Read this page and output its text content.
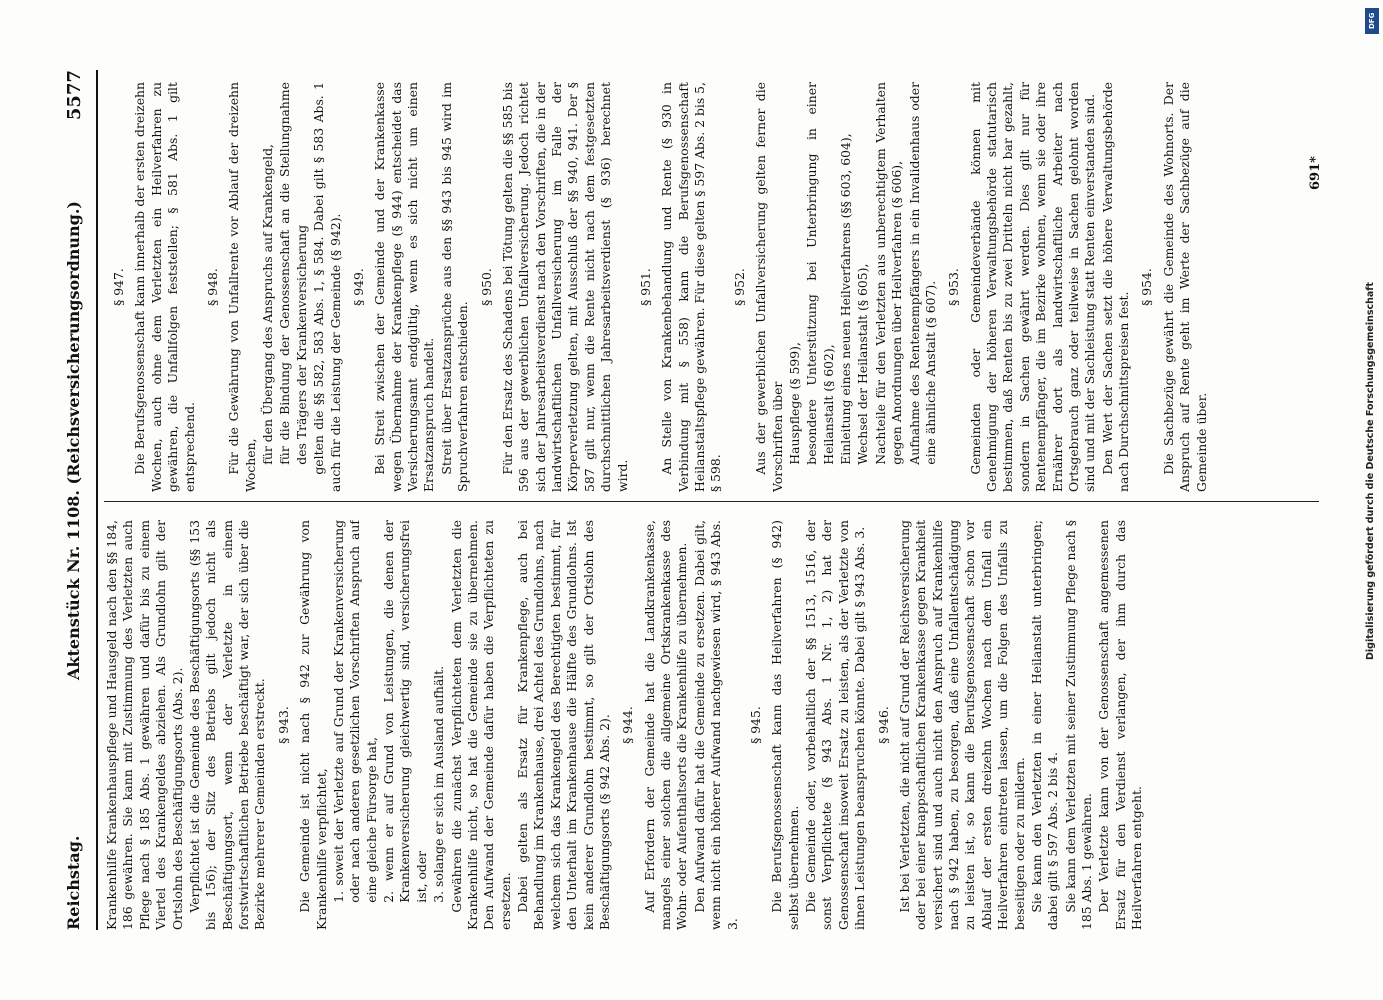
Reichstag.
Aktenstück Nr. 1108. (Reichsversicherungsordnung.)
5577

Krankenhilfe Krankenhauspflege und Hausgeld nach den §§ 184, 186 gewähren. Sie kann mit Zustimmung des Verletzten auch Pflege nach § 185 Abs. 1 gewähren und dafür bis zu einem Viertel des Krankengeldes abziehen. Als Grundlohn gilt der Ortslohn des Beschäftigungsorts (Abs. 2). Verpflichtet ist die Gemeinde des Beschäftigungsorts (§§ 153 bis 156); der Sitz des Betriebs gilt jedoch nicht als Beschäftigungsort, wenn der Verletzte in einem forstwirtschaftlichen Betriebe beschäftigt war, der sich über die Bezirke mehrerer Gemeinden erstreckt. § 943. Die Gemeinde ist nicht nach § 942 zur Gewährung von Krankenhilfe verpflichtet, 1. soweit der Verletzte auf Grund der Krankenversicherung oder nach anderen gesetzlichen Vorschriften Anspruch auf eine gleiche Fürsorge hat, 2. wenn er auf Grund von Leistungen, die denen der Krankenversicherung gleichwertig sind, versicherungsfrei ist, oder 3. solange er sich im Ausland aufhält. Gewähren die zunächst Verpflichteten dem Verletzten die Krankenhilfe nicht, so hat die Gemeinde sie zu übernehmen. Den Aufwand der Gemeinde dafür haben die Verpflichteten zu ersetzen. Dabei gelten als Ersatz für Krankenpflege, auch bei Behandlung im Krankenhause, drei Achtel des Grundlohns, nach welchem sich das Krankengeld des Berechtigten bestimmt, für den Unterhalt im Krankenhause die Hälfte des Grundlohns. Ist kein anderer Grundlohn bestimmt, so gilt der Ortslohn des Beschäftigungsorts (§ 942 Abs. 2). § 944. Auf Erfordern der Gemeinde hat die Landkrankenkasse, mangels einer solchen die allgemeine Ortskrankenkasse des Wohn- oder Aufenthaltsorts die Krankenhilfe zu übernehmen. Den Aufwand dafür hat die Gemeinde zu ersetzen. Dabei gilt, wenn nicht ein höherer Aufwand nachgewiesen wird, § 943 Abs. 3.

§ 945. Die Berufsgenossenschaft kann das Heilverfahren (§ 942) selbst übernehmen. Die Gemeinde oder, vorbehaltlich der §§ 1513, 1516, der sonst Verpflichtete (§ 943 Abs. 1 Nr. 1, 2) hat der Genossenschaft insoweit Ersatz zu leisten, als der Verletzte von ihnen Leistungen beanspruchen könnte. Dabei gilt § 943 Abs. 3. § 946. Ist bei Verletzten, die nicht auf Grund der Reichsversicherung oder bei einer knappschaftlichen Krankenkasse gegen Krankheit versichert sind und auch nicht den Anspruch auf Krankenhilfe nach § 942 haben, zu besorgen, daß eine Unfallentschädigung zu leisten ist, so kann die Berufsgenossenschaft schon vor Ablauf der ersten dreizehn Wochen nach dem Unfall ein Heilverfahren eintreten lassen, um die Folgen des Unfalls zu beseitigen oder zu mildern. Sie kann den Verletzten in einer Heilanstalt unterbringen; dabei gilt § 597 Abs. 2 bis 4. Sie kann dem Verletzten mit seiner Zustimmung Pflege nach § 185 Abs. 1 gewähren. Der Verletzte kann von der Genossenschaft angemessenen Ersatz für den Verdienst verlangen, der ihm durch das Heilverfahren entgeht.

§ 947. Die Berufsgenossenschaft kann innerhalb der ersten dreizehn Wochen, auch ohne dem Verletzten ein Heilverfahren zu gewähren, die Unfallfolgen feststellen; § 581 Abs. 1 gilt entsprechend.

§ 948. Für die Gewährung von Unfallrente vor Ablauf der dreizehn Wochen,

für den Übergang des Anspruchs auf Krankengeld, für die Bindung der Genossenschaft an die Stellungnahme des Trägers der Krankenversicherung gelten die §§ 582, 583 Abs. 1, § 584. Dabei gilt § 583 Abs. 1 auch für die Leistung der Gemeinde (§ 942). § 949. Bei Streit zwischen der Gemeinde und der Krankenkasse wegen Übernahme der Krankenpflege (§ 944) entscheidet das Versicherungsamt endgültig, wenn es sich nicht um einen Ersatzanspruch handelt. Streit über Ersatzansprüche aus den §§ 943 bis 945 wird im Spruchverfahren entschieden.

§ 950. Für den Ersatz des Schadens bei Tötung gelten die §§ 585 bis 596 aus der gewerblichen Unfallversicherung. Jedoch richtet sich der Jahresarbeitsverdienst nach den Vorschriften, die in der landwirtschaftlichen Unfallversicherung im Falle der Körperverletzung gelten, mit Ausschluß der §§ 940, 941. Der § 587 gilt nur, wenn die Rente nicht nach dem festgesetzten durchschnittlichen Jahresarbeitsverdienst (§ 936) berechnet wird.

§ 951. An Stelle von Krankenbehandlung und Rente (§ 930 in Verbindung mit § 558) kann die Berufsgenossenschaft Heilanstaltspflege gewähren. Für diese gelten § 597 Abs. 2 bis 5, § 598.

§ 952. Aus der gewerblichen Unfallversicherung gelten ferner die Vorschriften über Hauspflege (§ 599), besondere Unterstützung bei Unterbringung in einer Heilanstalt (§ 602), Einleitung eines neuen Heilverfahrens (§§ 603, 604), Wechsel der Heilanstalt (§ 605), Nachteile für den Verletzten aus unberechtigtem Verhalten gegen Anordnungen über Heilverfahren (§ 606), Aufnahme des Rentenempfängers in ein Invalidenhaus oder eine ähnliche Anstalt (§ 607). § 953. Gemeinden oder Gemeindeverbände können mit Genehmigung der höheren Verwaltungsbehörde statutarisch bestimmen, daß Renten bis zu zwei Dritteln nicht bar gezahlt, sondern in Sachen gewährt werden. Dies gilt nur für Rentenempfänger, die im Bezirke wohnen, wenn sie oder ihre Ernährer dort als landwirtschaftliche Arbeiter nach Ortsgebrauch ganz oder teilweise in Sachen gelohnt worden sind und mit der Sachleistung statt Renten einverstanden sind. Den Wert der Sachen setzt die höhere Verwaltungsbehörde nach Durchschnittspreisen fest.

§ 954. Die Sachbezüge gewährt die Gemeinde des Wohnorts. Der Anspruch auf Rente geht im Werte der Sachbezüge auf die Gemeinde über.

691*
DFG
Digitalisierung gefördert durch die Deutsche Forschungsgemeinschaft
